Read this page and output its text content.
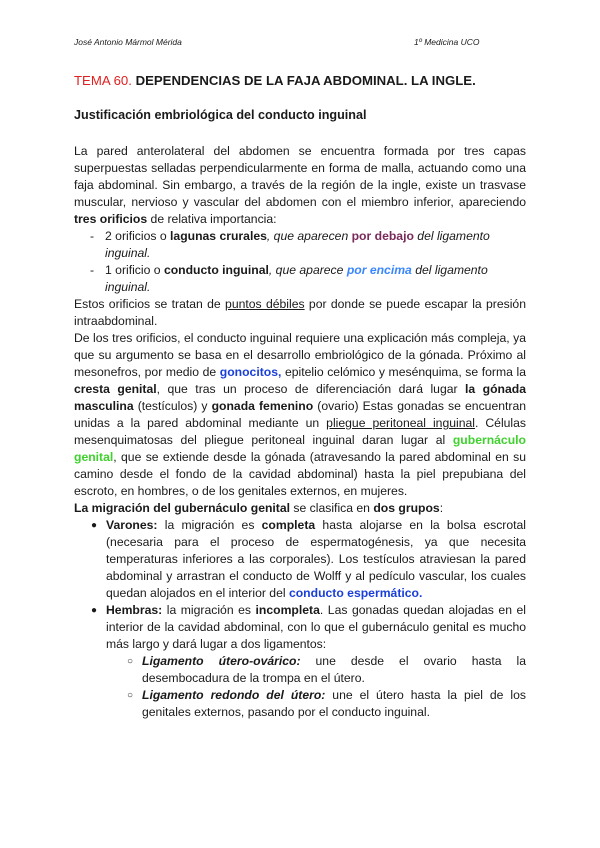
José Antonio Mármol Mérida	1º Medicina UCO
TEMA 60. DEPENDENCIAS DE LA FAJA ABDOMINAL. LA INGLE.
Justificación embriológica del conducto inguinal

La pared anterolateral del abdomen se encuentra formada por tres capas superpuestas selladas perpendicularmente en forma de malla, actuando como una faja abdominal. Sin embargo, a través de la región de la ingle, existe un trasvase muscular, nervioso y vascular del abdomen con el miembro inferior, apareciendo tres orificios de relativa importancia:

- 2 orificios o lagunas crurales, que aparecen por debajo del ligamento inguinal.
- 1 orificio o conducto inguinal, que aparece por encima del ligamento inguinal.

Estos orificios se tratan de puntos débiles por donde se puede escapar la presión intraabdominal.

De los tres orificios, el conducto inguinal requiere una explicación más compleja, ya que su argumento se basa en el desarrollo embriológico de la gónada. Próximo al mesonefros, por medio de gonocitos, epitelio celómico y mesénquima, se forma la cresta genital, que tras un proceso de diferenciación dará lugar la gónada masculina (testículos) y gonada femenino (ovario) Estas gonadas se encuentran unidas a la pared abdominal mediante un pliegue peritoneal inguinal. Células mesenquimatosas del pliegue peritoneal inguinal daran lugar al gubernáculo genital, que se extiende desde la gónada (atravesando la pared abdominal en su camino desde el fondo de la cavidad abdominal) hasta la piel prepubiana del escroto, en hombres, o de los genitales externos, en mujeres.

La migración del gubernáculo genital se clasifica en dos grupos:

● Varones: la migración es completa hasta alojarse en la bolsa escrotal (necesaria para el proceso de espermatogénesis, ya que necesita temperaturas inferiores a las corporales). Los testículos atraviesan la pared abdominal y arrastran el conducto de Wolff y al pedículo vascular, los cuales quedan alojados en el interior del conducto espermático.
● Hembras: la migración es incompleta. Las gonadas quedan alojadas en el interior de la cavidad abdominal, con lo que el gubernáculo genital es mucho más largo y dará lugar a dos ligamentos:
○ Ligamento útero-ovárico: une desde el ovario hasta la desembocadura de la trompa en el útero.
○ Ligamento redondo del útero: une el útero hasta la piel de los genitales externos, pasando por el conducto inguinal.
